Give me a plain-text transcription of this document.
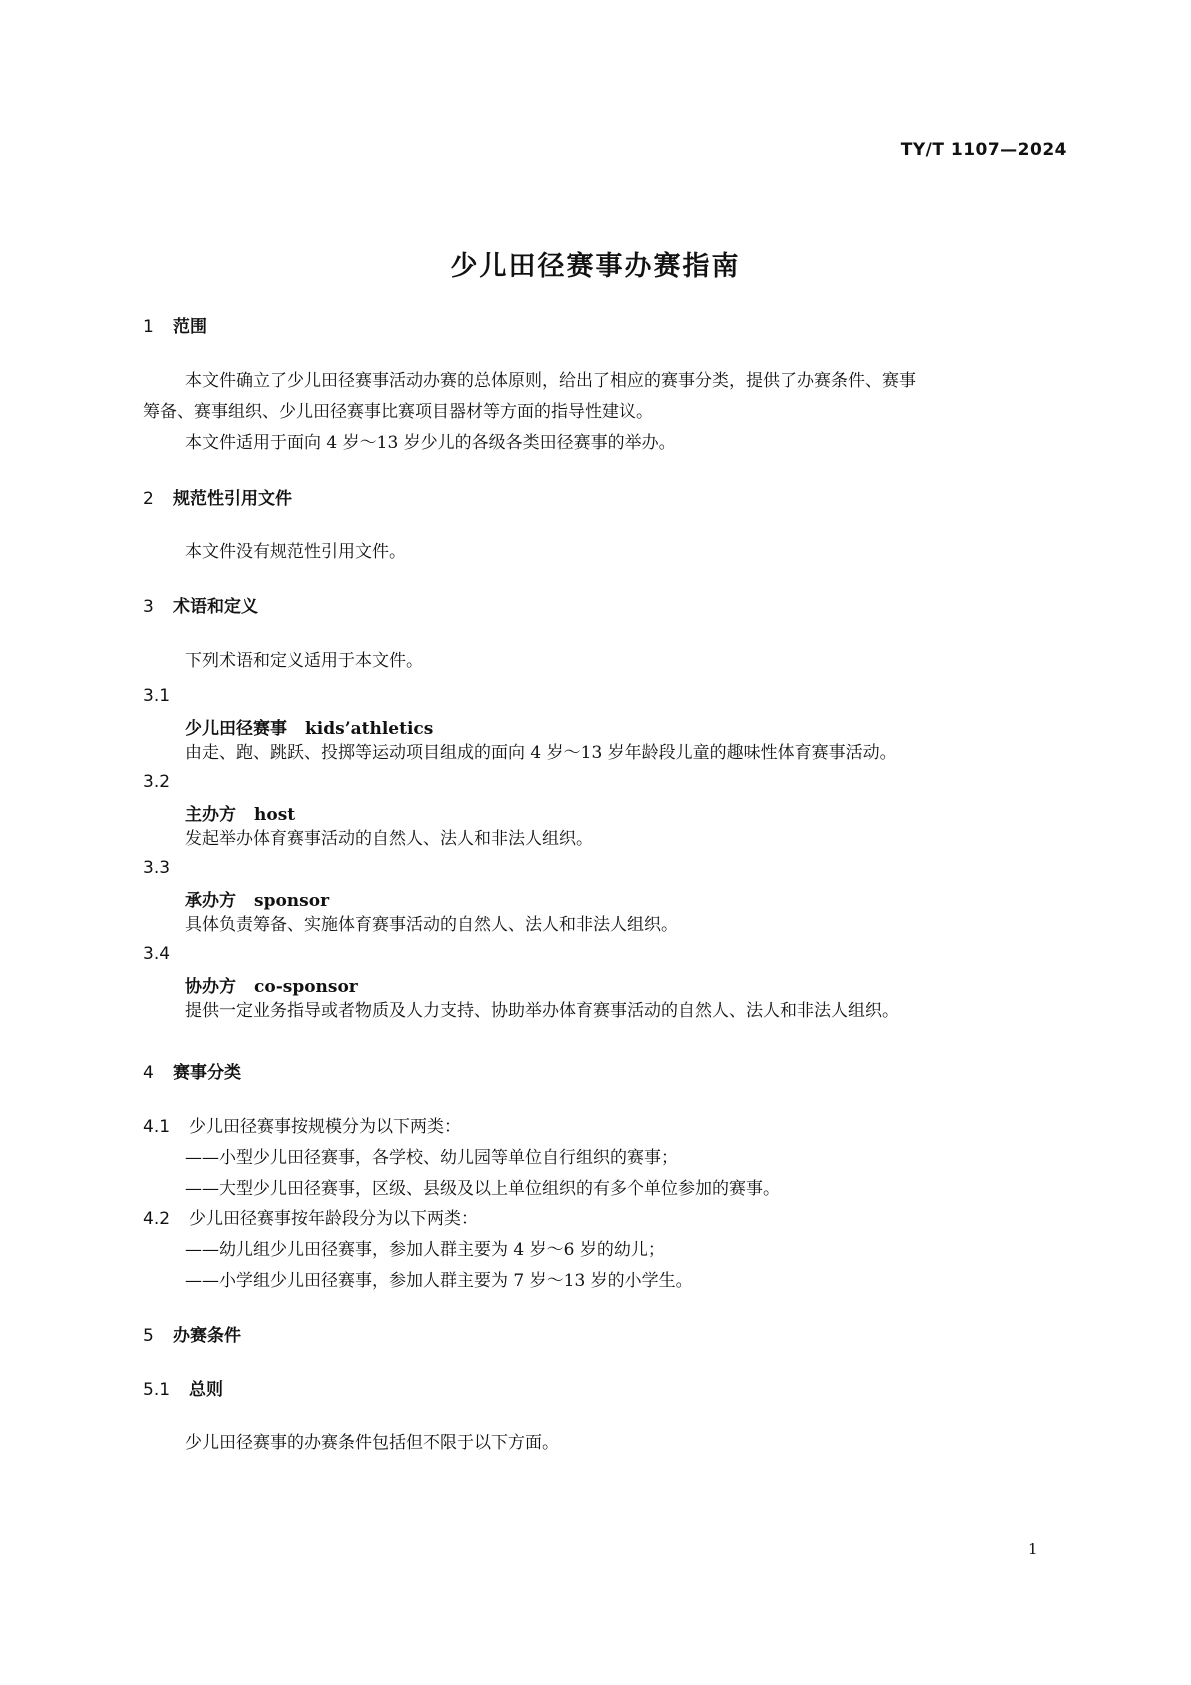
TY/T 1107—2024
少儿田径赛事办赛指南
1 范围
本文件确立了少儿田径赛事活动办赛的总体原则，给出了相应的赛事分类，提供了办赛条件、赛事
筹备、赛事组织、少儿田径赛事比赛项目器材等方面的指导性建议。
本文件适用于面向 4 岁～13 岁少儿的各级各类田径赛事的举办。
2 规范性引用文件
本文件没有规范性引用文件。
3 术语和定义
下列术语和定义适用于本文件。
3.1
少儿田径赛事 kids’athletics
由走、跑、跳跃、投掷等运动项目组成的面向 4 岁～13 岁年龄段儿童的趣味性体育赛事活动。
3.2
主办方 host
发起举办体育赛事活动的自然人、法人和非法人组织。
3.3
承办方 sponsor
具体负责筹备、实施体育赛事活动的自然人、法人和非法人组织。
3.4
协办方 co-sponsor
提供一定业务指导或者物质及人力支持、协助举办体育赛事活动的自然人、法人和非法人组织。
4 赛事分类
4.1 少儿田径赛事按规模分为以下两类：
——小型少儿田径赛事，各学校、幼儿园等单位自行组织的赛事；
——大型少儿田径赛事，区级、县级及以上单位组织的有多个单位参加的赛事。
4.2 少儿田径赛事按年龄段分为以下两类：
——幼儿组少儿田径赛事，参加人群主要为 4 岁～6 岁的幼儿；
——小学组少儿田径赛事，参加人群主要为 7 岁～13 岁的小学生。
5 办赛条件
5.1 总则
少儿田径赛事的办赛条件包括但不限于以下方面。
1
